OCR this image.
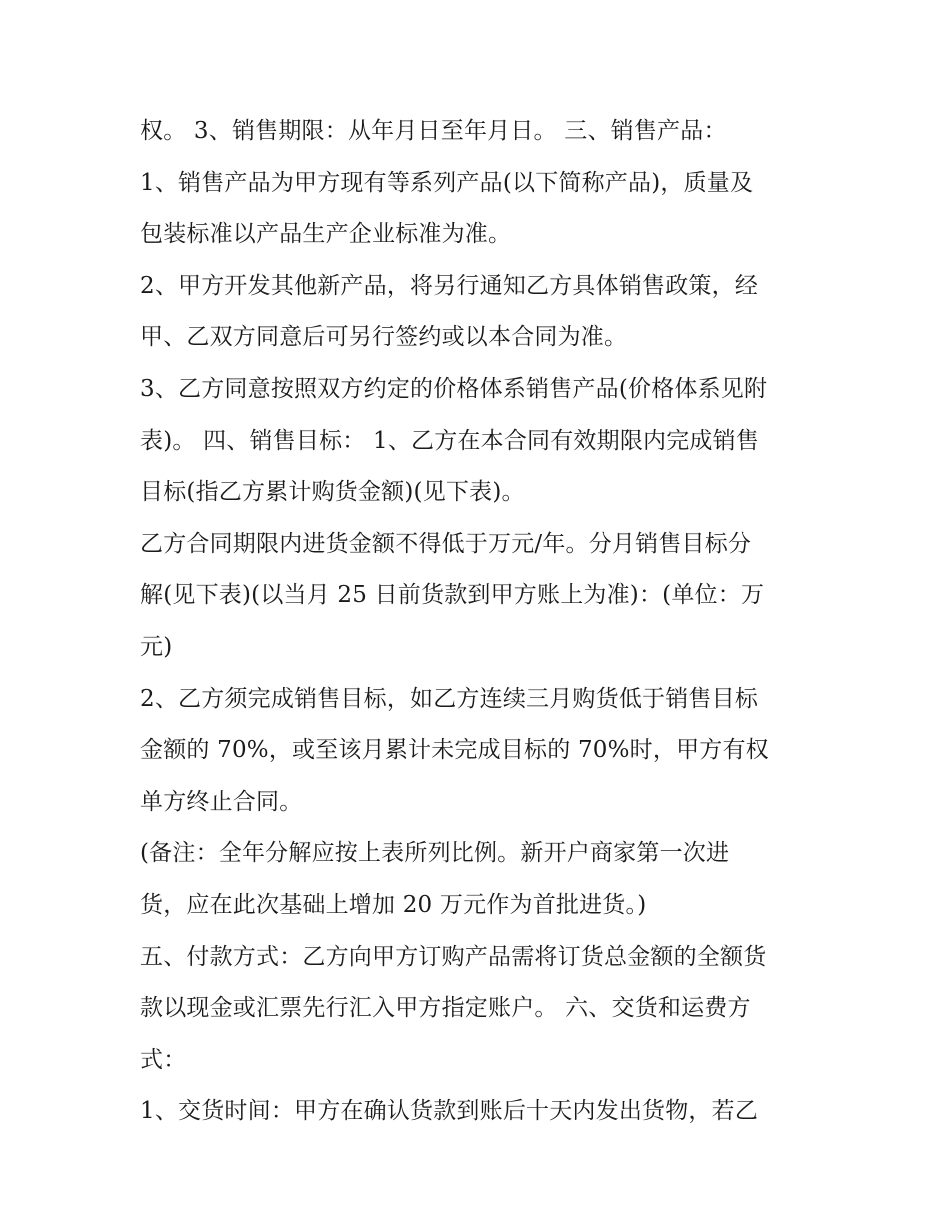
权。 3、销售期限：从年月日至年月日。 三、销售产品：
1、销售产品为甲方现有等系列产品(以下简称产品)，质量及
包装标准以产品生产企业标准为准。
2、甲方开发其他新产品，将另行通知乙方具体销售政策，经
甲、乙双方同意后可另行签约或以本合同为准。
3、乙方同意按照双方约定的价格体系销售产品(价格体系见附
表)。 四、销售目标： 1、乙方在本合同有效期限内完成销售
目标(指乙方累计购货金额)(见下表)。
乙方合同期限内进货金额不得低于万元/年。分月销售目标分
解(见下表)(以当月 25 日前货款到甲方账上为准)：(单位：万
元)
2、乙方须完成销售目标，如乙方连续三月购货低于销售目标
金额的 70%，或至该月累计未完成目标的 70%时，甲方有权
单方终止合同。
(备注：全年分解应按上表所列比例。新开户商家第一次进
货，应在此次基础上增加 20 万元作为首批进货。)
五、付款方式：乙方向甲方订购产品需将订货总金额的全额货
款以现金或汇票先行汇入甲方指定账户。 六、交货和运费方
式：
1、交货时间：甲方在确认货款到账后十天内发出货物，若乙
